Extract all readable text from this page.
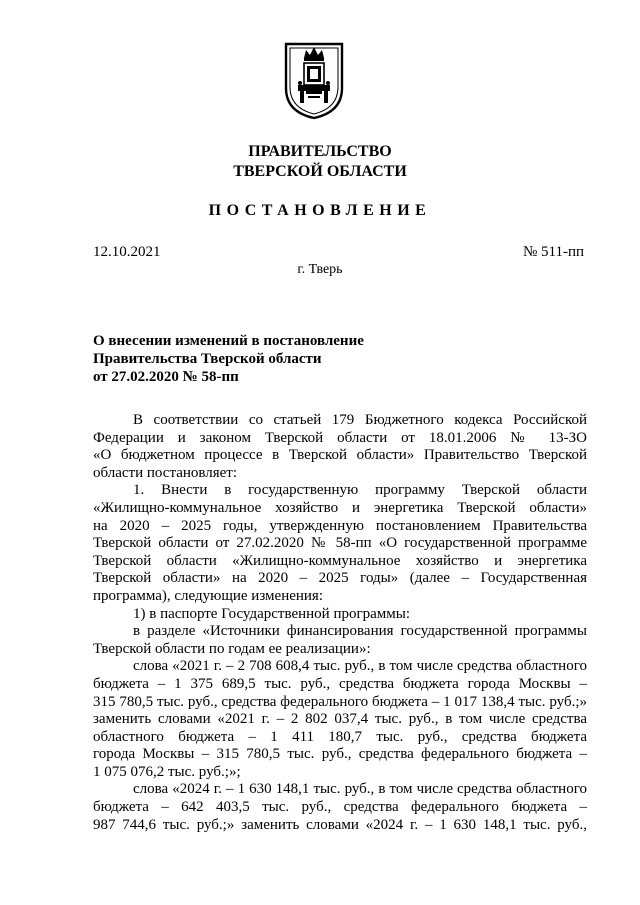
ПРАВИТЕЛЬСТВО
ТВЕРСКОЙ ОБЛАСТИ
ПОСТАНОВЛЕНИЕ
12.10.2021	№ 511-пп
г. Тверь
О внесении изменений в постановление
Правительства Тверской области
от 27.02.2020 № 58-пп

В соответствии со статьей 179 Бюджетного кодекса Российской

Федерации и законом Тверской области от 18.01.2006 № 13-ЗО

«О бюджетном процессе в Тверской области» Правительство Тверской

области постановляет:

1. Внести в государственную программу Тверской области

«Жилищно-коммунальное хозяйство и энергетика Тверской области»

на 2020 – 2025 годы, утвержденную постановлением Правительства

Тверской области от 27.02.2020 № 58-пп «О государственной программе

Тверской области «Жилищно-коммунальное хозяйство и энергетика

Тверской области» на 2020 – 2025 годы» (далее – Государственная

программа), следующие изменения:

1) в паспорте Государственной программы:

в разделе «Источники финансирования государственной программы

Тверской области по годам ее реализации»:

слова «2021 г. – 2 708 608,4 тыс. руб., в том числе средства областного

бюджета – 1 375 689,5 тыс. руб., средства бюджета города Москвы –

315 780,5 тыс. руб., средства федерального бюджета – 1 017 138,4 тыс. руб.;»

заменить словами «2021 г. – 2 802 037,4 тыс. руб., в том числе средства

областного бюджета – 1 411 180,7 тыс. руб., средства бюджета

города Москвы – 315 780,5 тыс. руб., средства федерального бюджета –

1 075 076,2 тыс. руб.;»;

слова «2024 г. – 1 630 148,1 тыс. руб., в том числе средства областного

бюджета – 642 403,5 тыс. руб., средства федерального бюджета –

987 744,6 тыс. руб.;» заменить словами «2024 г. – 1 630 148,1 тыс. руб.,
